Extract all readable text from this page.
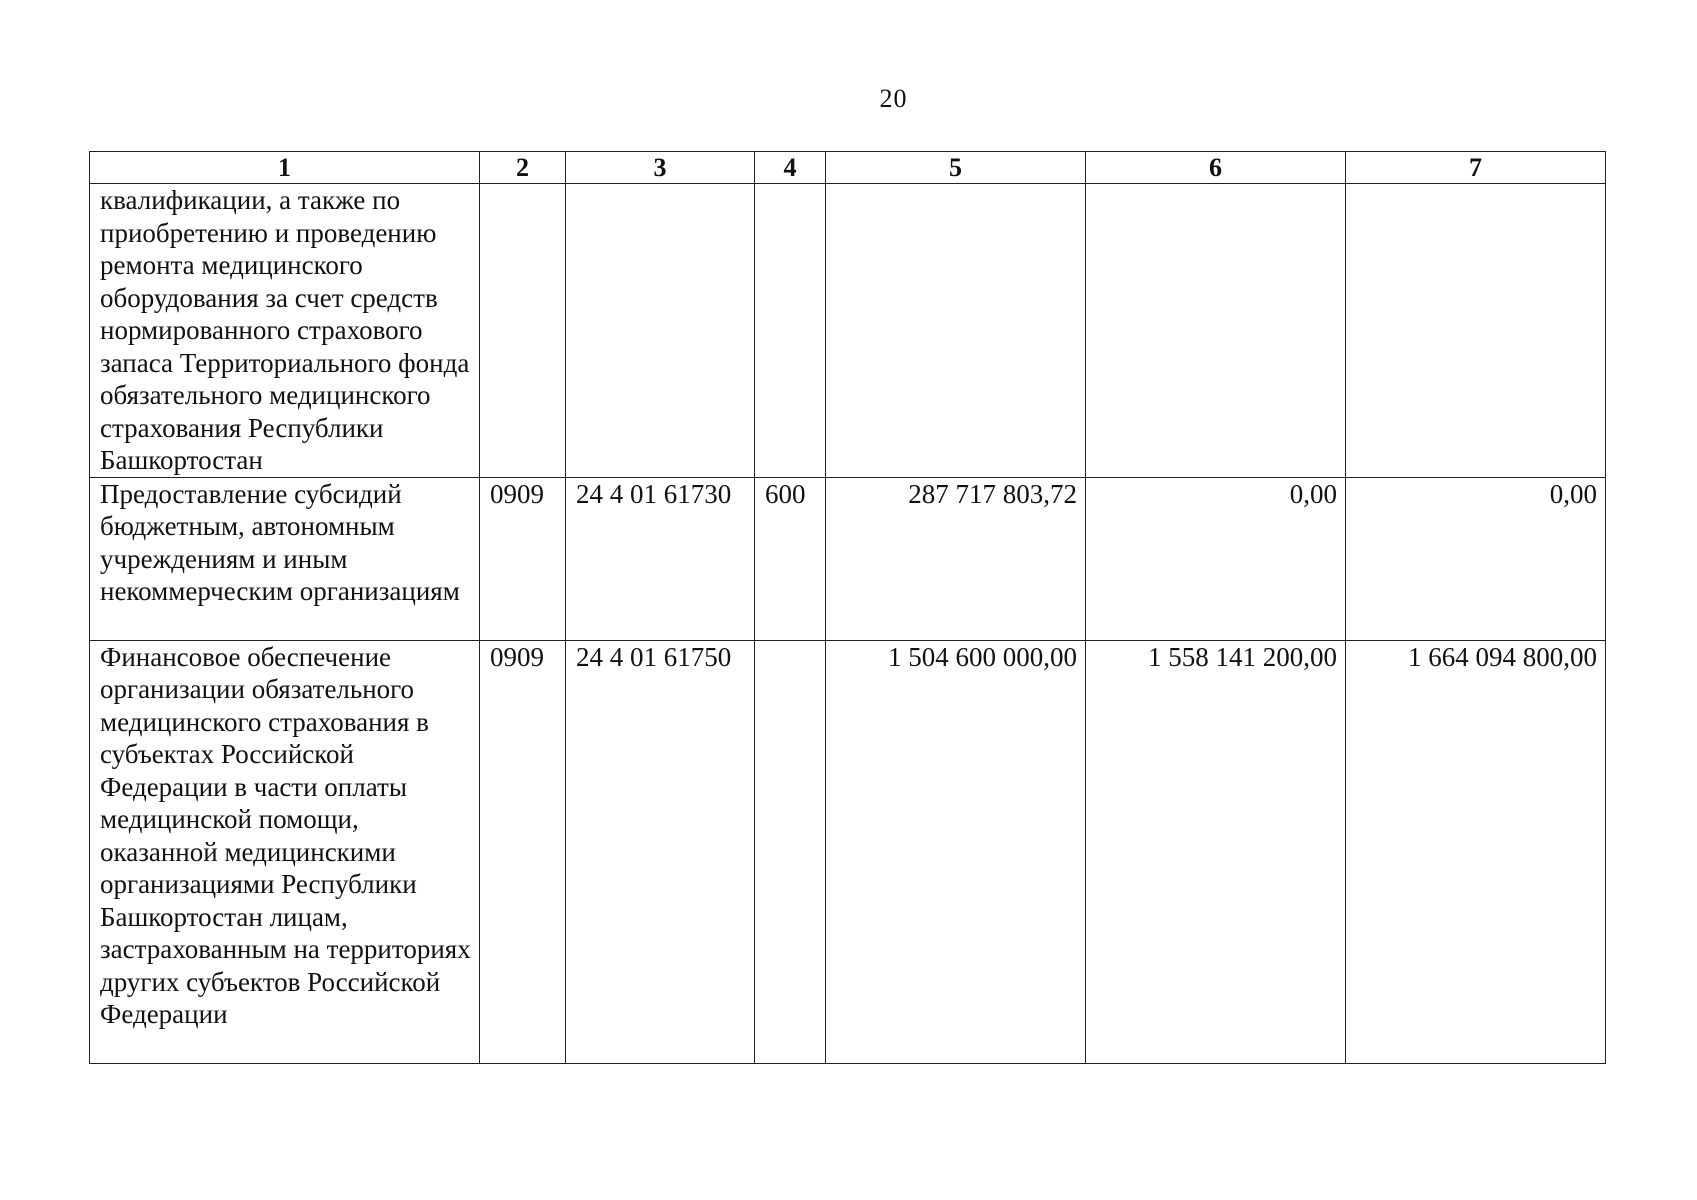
20
1	2	3	4	5	6	7
квалификации, а также по приобретению и проведению ремонта медицинского оборудования за счет средств нормированного страхового запаса Территориального фонда обязательного медицинского страхования Республики Башкортостан						
Предоставление субсидий бюджетным, автономным учреждениям и иным некоммерческим организациям	0909	24 4 01 61730	600	287 717 803,72	0,00	0,00
Финансовое обеспечение организации обязательного медицинского страхования в субъектах Российской Федерации в части оплаты медицинской помощи, оказанной медицинскими организациями Республики Башкортостан лицам, застрахованным на территориях других субъектов Российской Федерации	0909	24 4 01 61750		1 504 600 000,00	1 558 141 200,00	1 664 094 800,00
